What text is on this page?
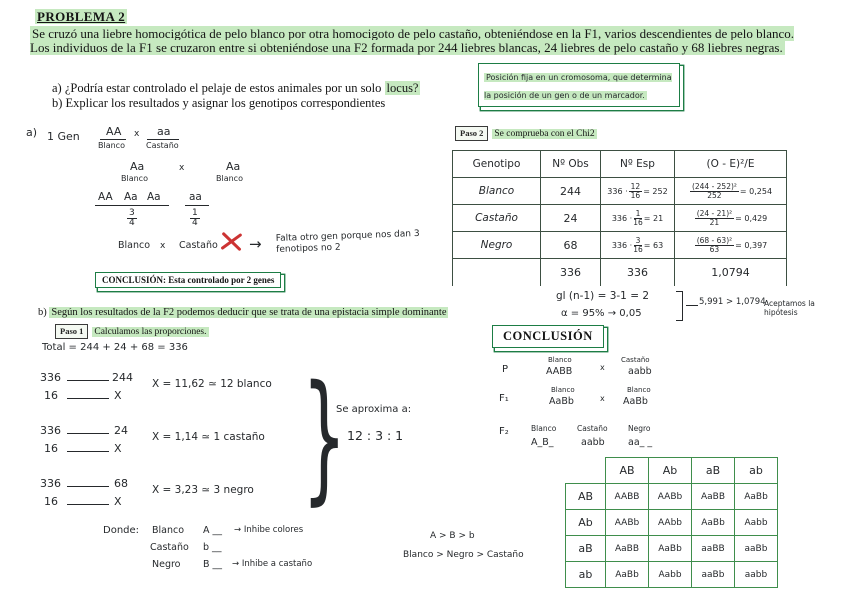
PROBLEMA 2
Se cruzó una liebre homocigótica de pelo blanco por otra homocigoto de pelo castaño, obteniéndose en la F1, varios descendientes de pelo blanco. Los individuos de la F1 se cruzaron entre si obteniéndose una F2 formada por 244 liebres blancas, 24 liebres de pelo castaño y 68 liebres negras.
a) ¿Podría estar controlado el pelaje de estos animales por un solo locus?
b) Explicar los resultados y asignar los genotipos correspondientes
Posición fija en un cromosoma, que determina la posición de un gen o de un marcador.
a) 1 Gen AA
Blanco
x aa
Castaño
Aa
Blanco
x	Aa
Blanco
AA Aa Aa	aa
$\frac{3}{4}$	$\frac{1}{4}$
Blanco x Castaño → Falta otro gen porque nos dan 3 fenotipos no 2
CONCLUSIÓN: Esta controlado por 2 genes
b) Según los resultados de la F2 podemos deducir que se trata de una epistacia simple dominante
Paso 1 Calculamos las proporciones.
Total = 244 + 24 + 68 = 336
336	244
16	X
X = 11,62 ≃ 12 blanco
336	24
16	X
X = 1,14 ≃ 1 castaño
336	68
16	X
X = 3,23 ≃ 3 negro }
Se aproxima a:
12 : 3 : 1
Donde: Blanco A __ → Inhibe colores
Castaño b __
Negro B __ → Inhibe a castaño
A > B > b
Blanco > Negro > Castaño
Paso 2 Se comprueba con el Chi2
Genotipo	Nº Obs	Nº Esp	(O - E)²/E
Blanco	244	$336 \cdot \frac{12}{16} = 252$	$\frac{\text{(244 - 252)²}}{252} = 0,254$
Castaño	24	$336 \cdot \frac{1}{16} = 21$	$\frac{\text{(24 - 21)²}}{21} = 0,429$
Negro	68	$336 \cdot \frac{3}{16} = 63$	$\frac{\text{(68 - 63)²}}{63} = 0,397$
	336	336	1,0794
gl (n-1) = 3-1 = 2
α = 95% → 0,05
5,991 > 1,0794
Aceptamos la hipótesis
CONCLUSIÓN
P
Blanco
AABB	x
Castaño
aabb
F₁
Blanco
AaBb	x
Blanco
AaBb
F₂	Blanco
A_B_
Castaño
aabb
Negro
aa_ _
	AB	Ab	aB	ab
AB	AABB	AABb	AaBB	AaBb
Ab	AABb	AAbb	AaBb	Aabb
aB	AaBB	AaBb	aaBB	aaBb
ab	AaBb	Aabb	aaBb	aabb
